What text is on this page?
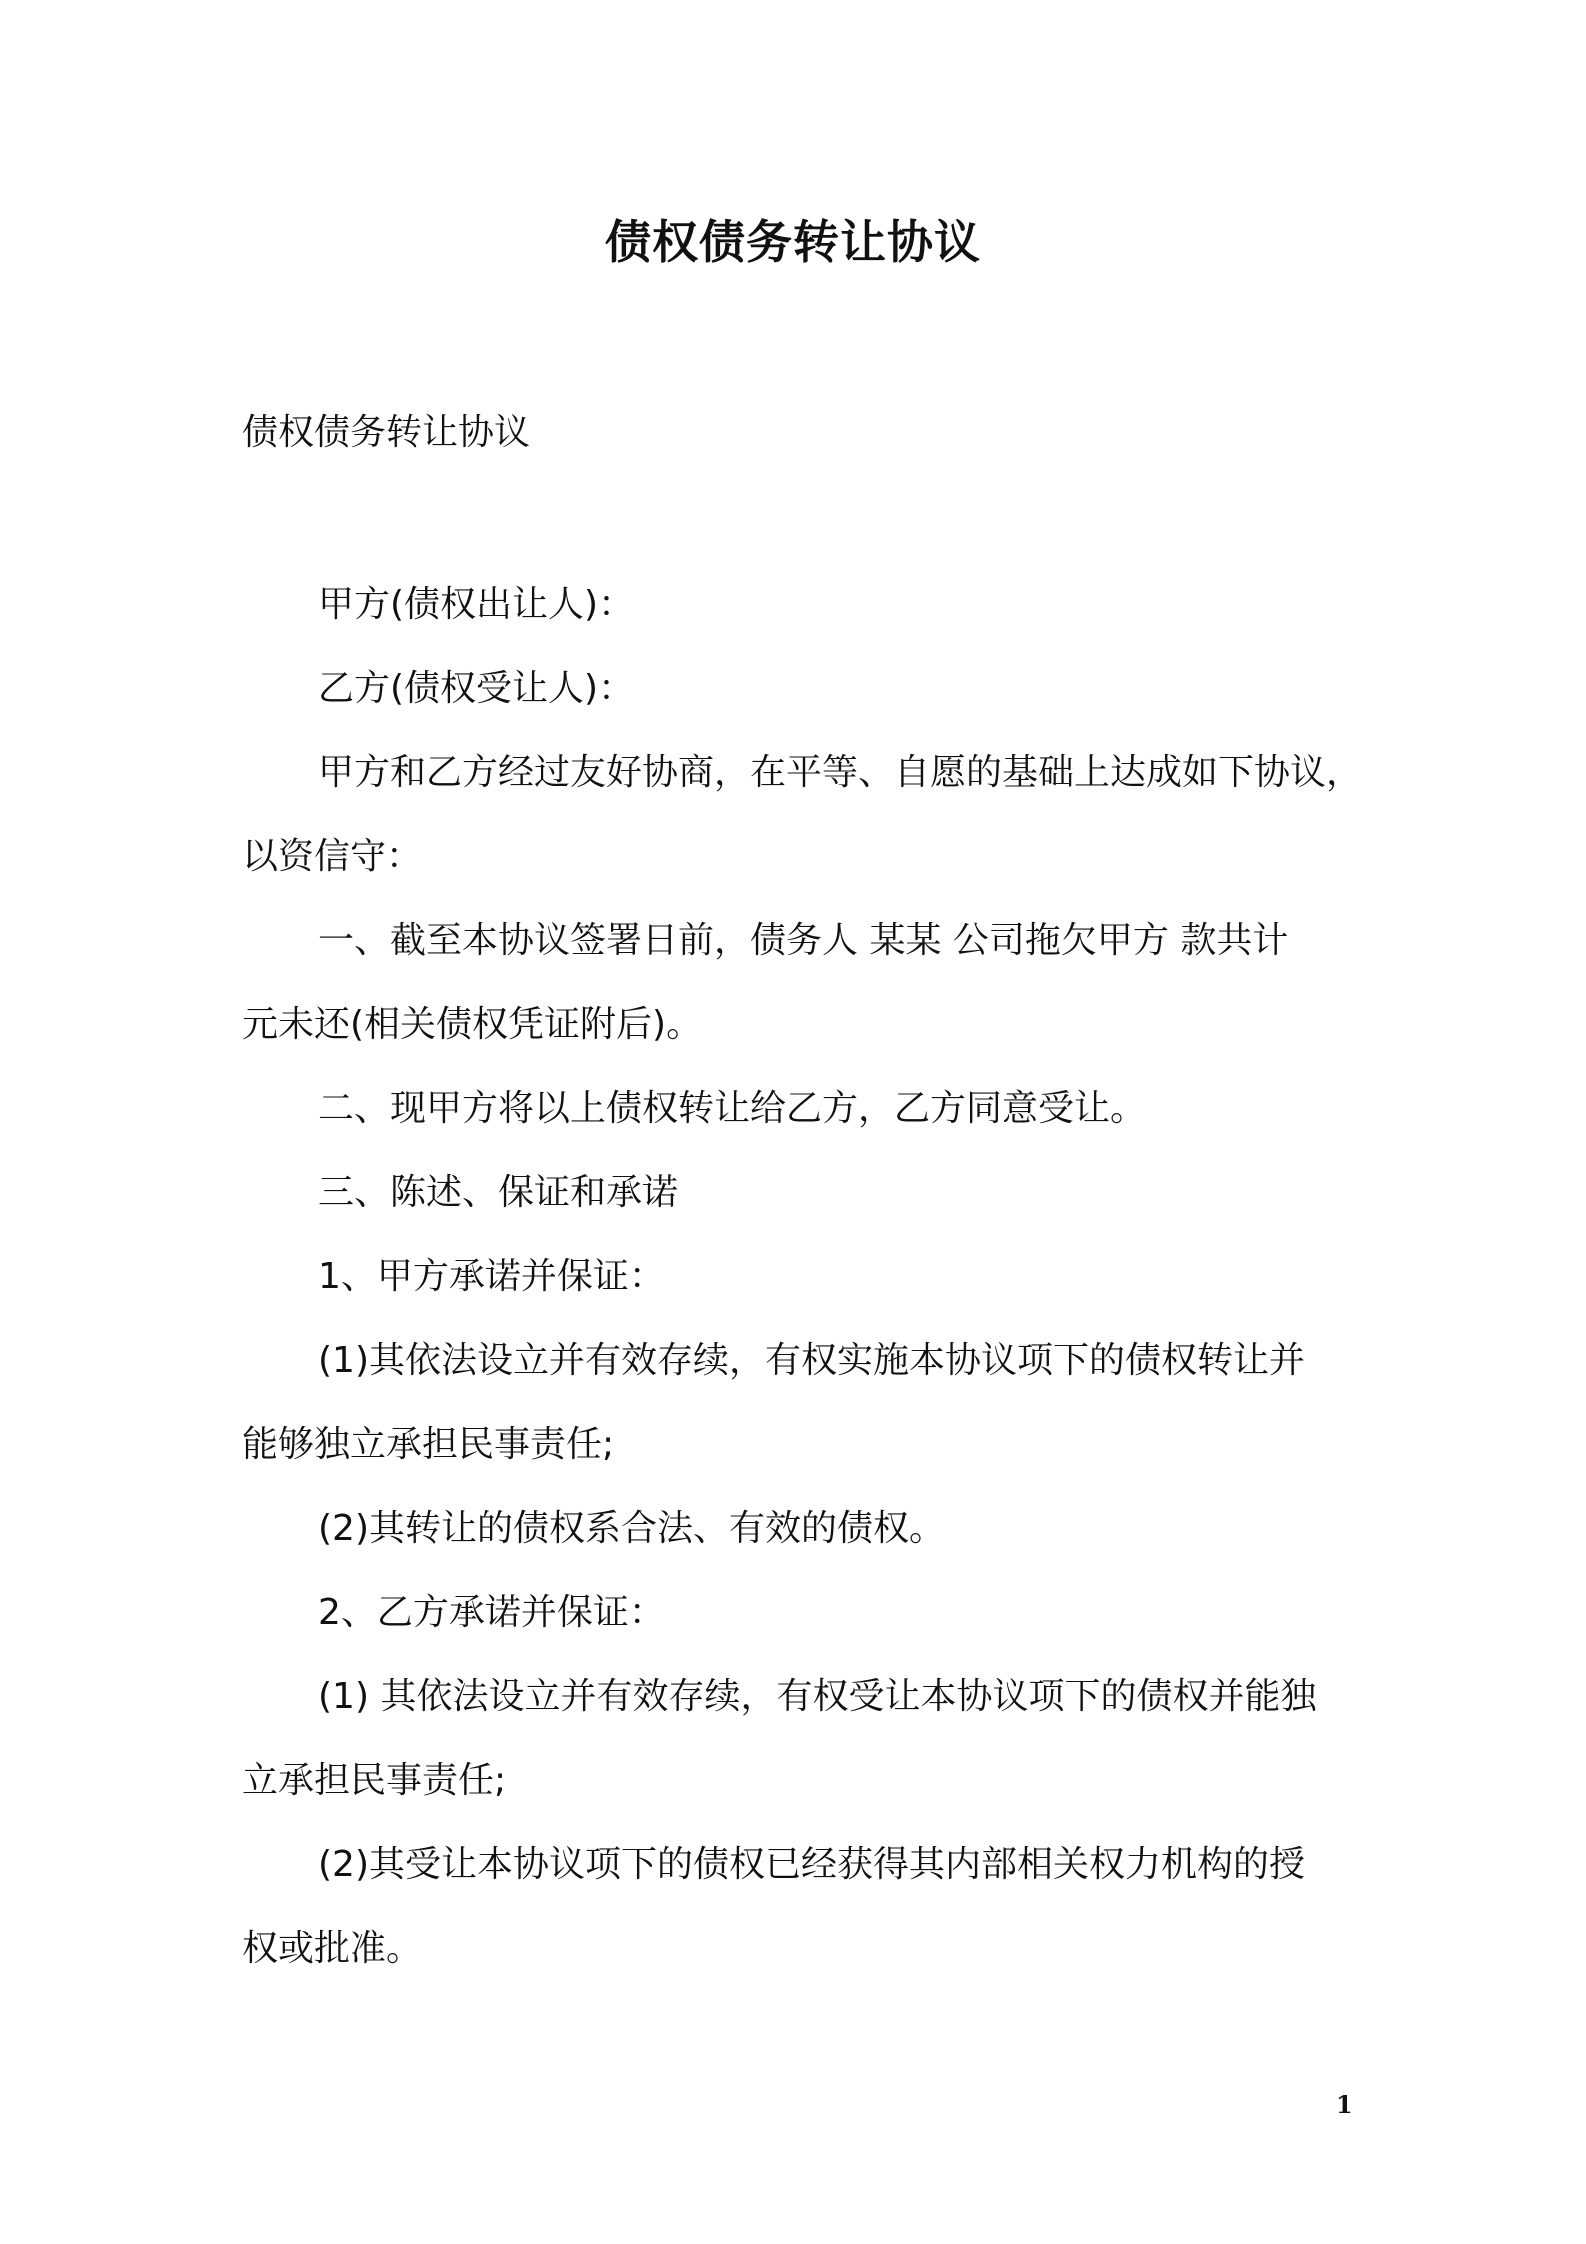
债权债务转让协议
债权债务转让协议
甲方(债权出让人)：
乙方(债权受让人)：
甲方和乙方经过友好协商，在平等、自愿的基础上达成如下协议，
以资信守：
一、截至本协议签署日前，债务人 某某 公司拖欠甲方 款共计
元未还(相关债权凭证附后)。
二、现甲方将以上债权转让给乙方，乙方同意受让。
三、陈述、保证和承诺
1、甲方承诺并保证：
(1)其依法设立并有效存续，有权实施本协议项下的债权转让并
能够独立承担民事责任;
(2)其转让的债权系合法、有效的债权。
2、乙方承诺并保证：
(1) 其依法设立并有效存续，有权受让本协议项下的债权并能独
立承担民事责任;
(2)其受让本协议项下的债权已经获得其内部相关权力机构的授
权或批准。
1
